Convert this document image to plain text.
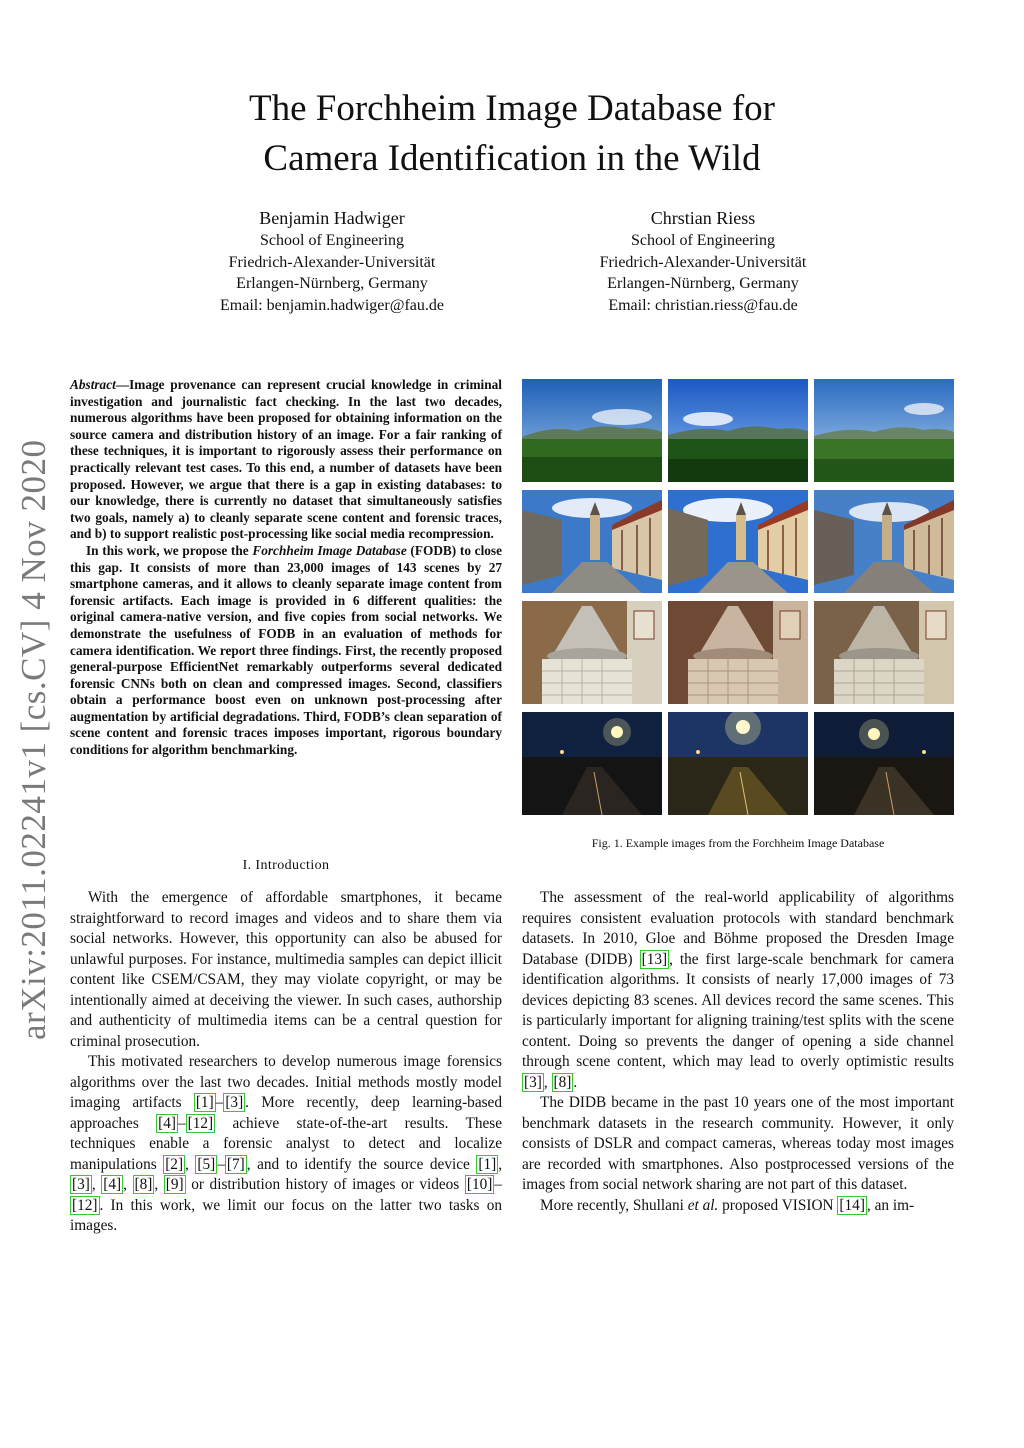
arXiv:2011.02241v1 [cs.CV] 4 Nov 2020
The Forchheim Image Database for
Camera Identification in the Wild
Benjamin Hadwiger
School of Engineering
Friedrich-Alexander-Universität
Erlangen-Nürnberg, Germany
Email: benjamin.hadwiger@fau.de
Chrstian Riess
School of Engineering
Friedrich-Alexander-Universität
Erlangen-Nürnberg, Germany
Email: christian.riess@fau.de

Abstract—Image provenance can represent crucial knowledge in criminal investigation and journalistic fact checking. In the last two decades, numerous algorithms have been proposed for obtaining information on the source camera and distribution history of an image. For a fair ranking of these techniques, it is important to rigorously assess their performance on practically relevant test cases. To this end, a number of datasets have been proposed. However, we argue that there is a gap in existing databases: to our knowledge, there is currently no dataset that simultaneously satisfies two goals, namely a) to cleanly separate scene content and forensic traces, and b) to support realistic post-processing like social media recompression.

In this work, we propose the Forchheim Image Database (FODB) to close this gap. It consists of more than 23,000 images of 143 scenes by 27 smartphone cameras, and it allows to cleanly separate image content from forensic artifacts. Each image is provided in 6 different qualities: the original camera-native version, and five copies from social networks. We demonstrate the usefulness of FODB in an evaluation of methods for camera identification. We report three findings. First, the recently proposed general-purpose EfficientNet remarkably outperforms several dedicated forensic CNNs both on clean and compressed images. Second, classifiers obtain a performance boost even on unknown post-processing after augmentation by artificial degradations. Third, FODB’s clean separation of scene content and forensic traces imposes important, rigorous boundary conditions for algorithm benchmarking.

I. Introduction

With the emergence of affordable smartphones, it became straightforward to record images and videos and to share them via social networks. However, this opportunity can also be abused for unlawful purposes. For instance, multimedia samples can depict illicit content like CSEM/CSAM, they may violate copyright, or may be intentionally aimed at deceiving the viewer. In such cases, authorship and authenticity of multimedia items can be a central question for criminal prosecution.

This motivated researchers to develop numerous image forensics algorithms over the last two decades. Initial methods mostly model imaging artifacts [1] – [3] . More recently, deep learning-based approaches [4] – [12] achieve state-of-the-art results. These techniques enable a forensic analyst to detect and localize manipulations [2] , [5] – [7] , and to identify the source device [1] , [3] , [4] , [8] , [9] or distribution history of images or videos [10] –[12] . In this work, we limit our focus on the latter two tasks on images.

Fig. 1. Example images from the Forchheim Image Database

The assessment of the real-world applicability of algorithms requires consistent evaluation protocols with standard benchmark datasets. In 2010, Gloe and Böhme proposed the Dresden Image Database (DIDB) [13] , the first large-scale benchmark for camera identification algorithms. It consists of nearly 17,000 images of 73 devices depicting 83 scenes. All devices record the same scenes. This is particularly important for aligning training/test splits with the scene content. Doing so prevents the danger of opening a side channel through scene content, which may lead to overly optimistic results [3] , [8] .

The DIDB became in the past 10 years one of the most important benchmark datasets in the research community. However, it only consists of DSLR and compact cameras, whereas today most images are recorded with smartphones. Also postprocessed versions of the images from social network sharing are not part of this dataset.

More recently, Shullani et al. proposed VISION [14] , an im-
